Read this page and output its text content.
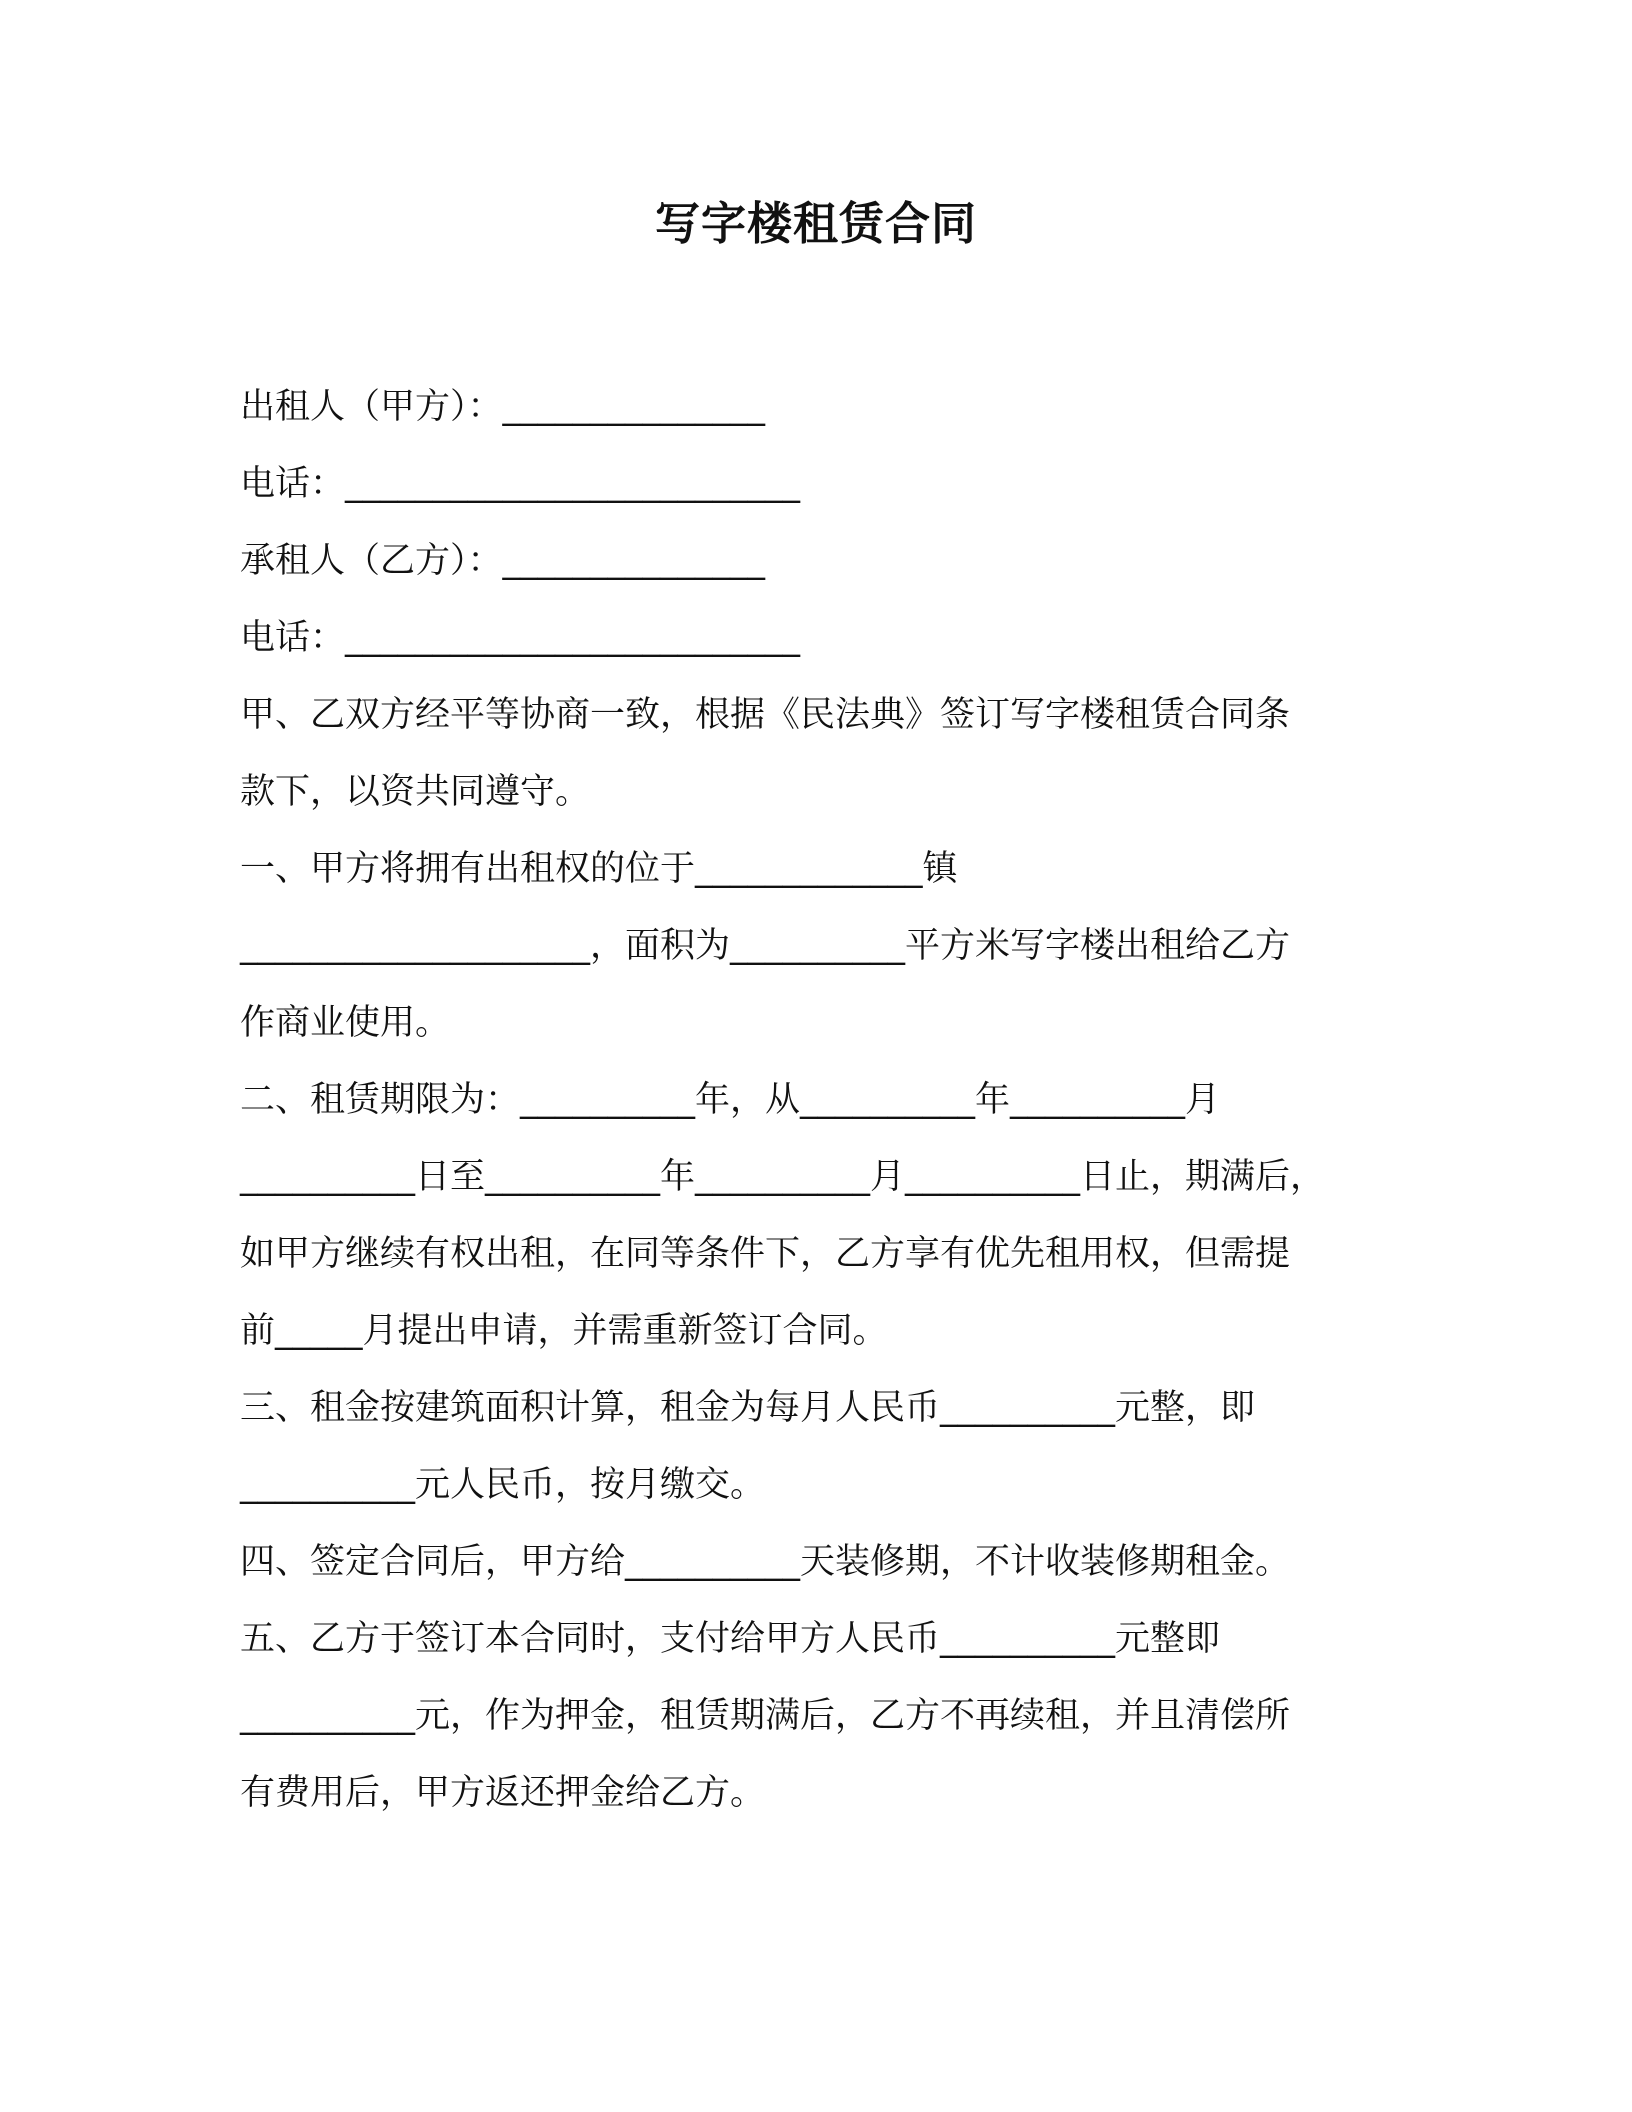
写字楼租赁合同
出租人（甲方）：_______________
电话：__________________________
承租人（乙方）：_______________
电话：__________________________
甲、乙双方经平等协商一致，根据《民法典》签订写字楼租赁合同条
款下，以资共同遵守。
一、甲方将拥有出租权的位于_____________镇
____________________，面积为__________平方米写字楼出租给乙方
作商业使用。
二、租赁期限为：__________年，从__________年__________月
__________日至__________年__________月__________日止，期满后，
如甲方继续有权出租，在同等条件下，乙方享有优先租用权，但需提
前_____月提出申请，并需重新签订合同。
三、租金按建筑面积计算，租金为每月人民币__________元整，即
__________元人民币，按月缴交。
四、签定合同后，甲方给__________天装修期，不计收装修期租金。
五、乙方于签订本合同时，支付给甲方人民币__________元整即
__________元，作为押金，租赁期满后，乙方不再续租，并且清偿所
有费用后，甲方返还押金给乙方。
